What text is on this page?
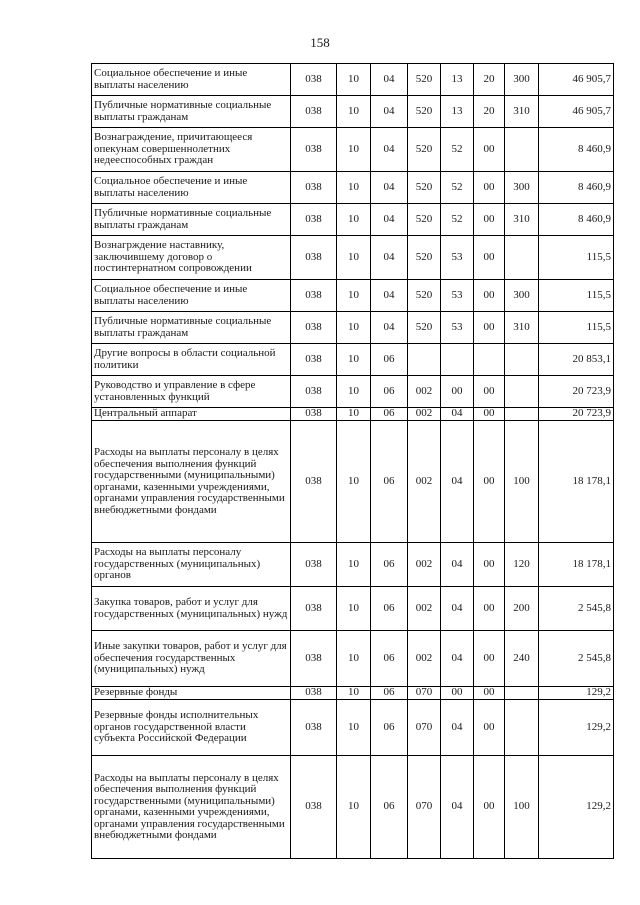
158
Социальное обеспечение и иные выплаты населению	038	10	04	520	13	20	300	46 905,7
Публичные нормативные социальные выплаты гражданам	038	10	04	520	13	20	310	46 905,7
Вознаграждение, причитающееся опекунам совершеннолетних недееспособных граждан	038	10	04	520	52	00		8 460,9
Социальное обеспечение и иные выплаты населению	038	10	04	520	52	00	300	8 460,9
Публичные нормативные социальные выплаты гражданам	038	10	04	520	52	00	310	8 460,9
Вознагрждение наставнику, заключившему договор о постинтернатном сопровождении	038	10	04	520	53	00		115,5
Социальное обеспечение и иные выплаты населению	038	10	04	520	53	00	300	115,5
Публичные нормативные социальные выплаты гражданам	038	10	04	520	53	00	310	115,5
Другие вопросы в области социальной политики	038	10	06					20 853,1
Руководство и управление в сфере установленных функций	038	10	06	002	00	00		20 723,9
Центральный аппарат	038	10	06	002	04	00		20 723,9
Расходы на выплаты персоналу в целях обеспечения выполнения функций государственными (муниципальными) органами, казенными учреждениями, органами управления государственными внебюджетными фондами	038	10	06	002	04	00	100	18 178,1
Расходы на выплаты персоналу государственных (муниципальных) органов	038	10	06	002	04	00	120	18 178,1
Закупка товаров, работ и услуг для государственных (муниципальных) нужд	038	10	06	002	04	00	200	2 545,8
Иные закупки товаров, работ и услуг для обеспечения государственных (муниципальных) нужд	038	10	06	002	04	00	240	2 545,8
Резервные фонды	038	10	06	070	00	00		129,2
Резервные фонды исполнительных органов государственной власти субъекта Российской Федерации	038	10	06	070	04	00		129,2
Расходы на выплаты персоналу в целях обеспечения выполнения функций государственными (муниципальными) органами, казенными учреждениями, органами управления государственными внебюджетными фондами	038	10	06	070	04	00	100	129,2
